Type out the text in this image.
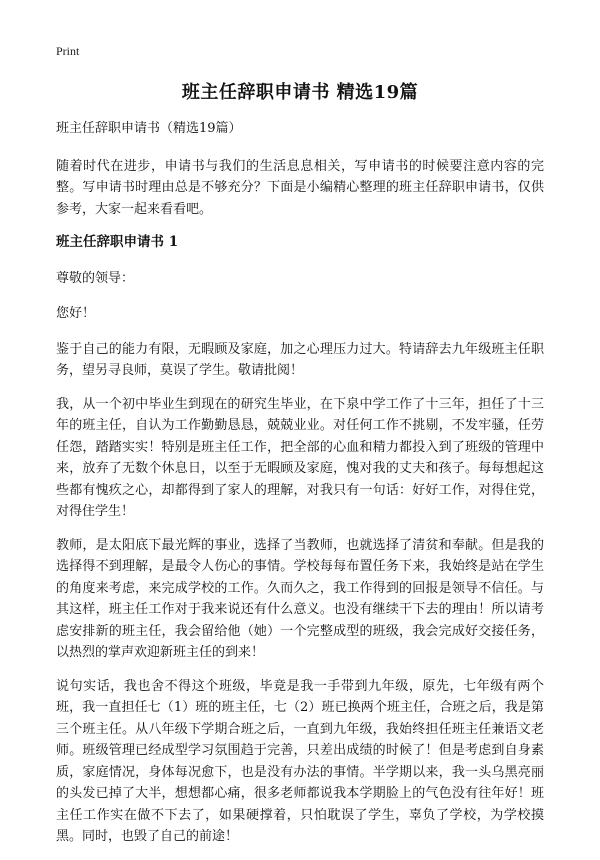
Print
班主任辞职申请书 精选19篇

班主任辞职申请书（精选19篇）

随着时代在进步，申请书与我们的生活息息相关，写申请书的时候要注意内容的完整。写申请书时理由总是不够充分？下面是小编精心整理的班主任辞职申请书，仅供参考，大家一起来看看吧。

班主任辞职申请书 1

尊敬的领导：

您好！

鉴于自己的能力有限，无暇顾及家庭，加之心理压力过大。特请辞去九年级班主任职务，望另寻良师，莫误了学生。敬请批阅！

我，从一个初中毕业生到现在的研究生毕业，在下泉中学工作了十三年，担任了十三年的班主任，自认为工作勤勤恳恳，兢兢业业。对任何工作不挑剔，不发牢骚，任劳任怨，踏踏实实！特别是班主任工作，把全部的心血和精力都投入到了班级的管理中来，放弃了无数个休息日，以至于无暇顾及家庭，愧对我的丈夫和孩子。每每想起这些都有愧疚之心，却都得到了家人的理解，对我只有一句话：好好工作，对得住党，对得住学生！

教师，是太阳底下最光辉的事业，选择了当教师，也就选择了清贫和奉献。但是我的选择得不到理解，是最令人伤心的事情。学校每每布置任务下来，我始终是站在学生的角度来考虑，来完成学校的工作。久而久之，我工作得到的回报是领导不信任。与其这样，班主任工作对于我来说还有什么意义。也没有继续干下去的理由！所以请考虑安排新的班主任，我会留给他（她）一个完整成型的班级，我会完成好交接任务，以热烈的掌声欢迎新班主任的到来！

说句实话，我也舍不得这个班级，毕竟是我一手带到九年级，原先，七年级有两个班，我一直担任七（1）班的班主任，七（2）班已换两个班主任，合班之后，我是第三个班主任。从八年级下学期合班之后，一直到九年级，我始终担任班主任兼语文老师。班级管理已经成型学习氛围趋于完善，只差出成绩的时候了！但是考虑到自身素质，家庭情况，身体每况愈下，也是没有办法的事情。半学期以来，我一头乌黑亮丽的头发已掉了大半，想想都心痛，很多老师都说我本学期脸上的气色没有往年好！班主任工作实在做不下去了，如果硬撑着，只怕耽误了学生，辜负了学校，为学校摸黑。同时，也毁了自己的前途！
